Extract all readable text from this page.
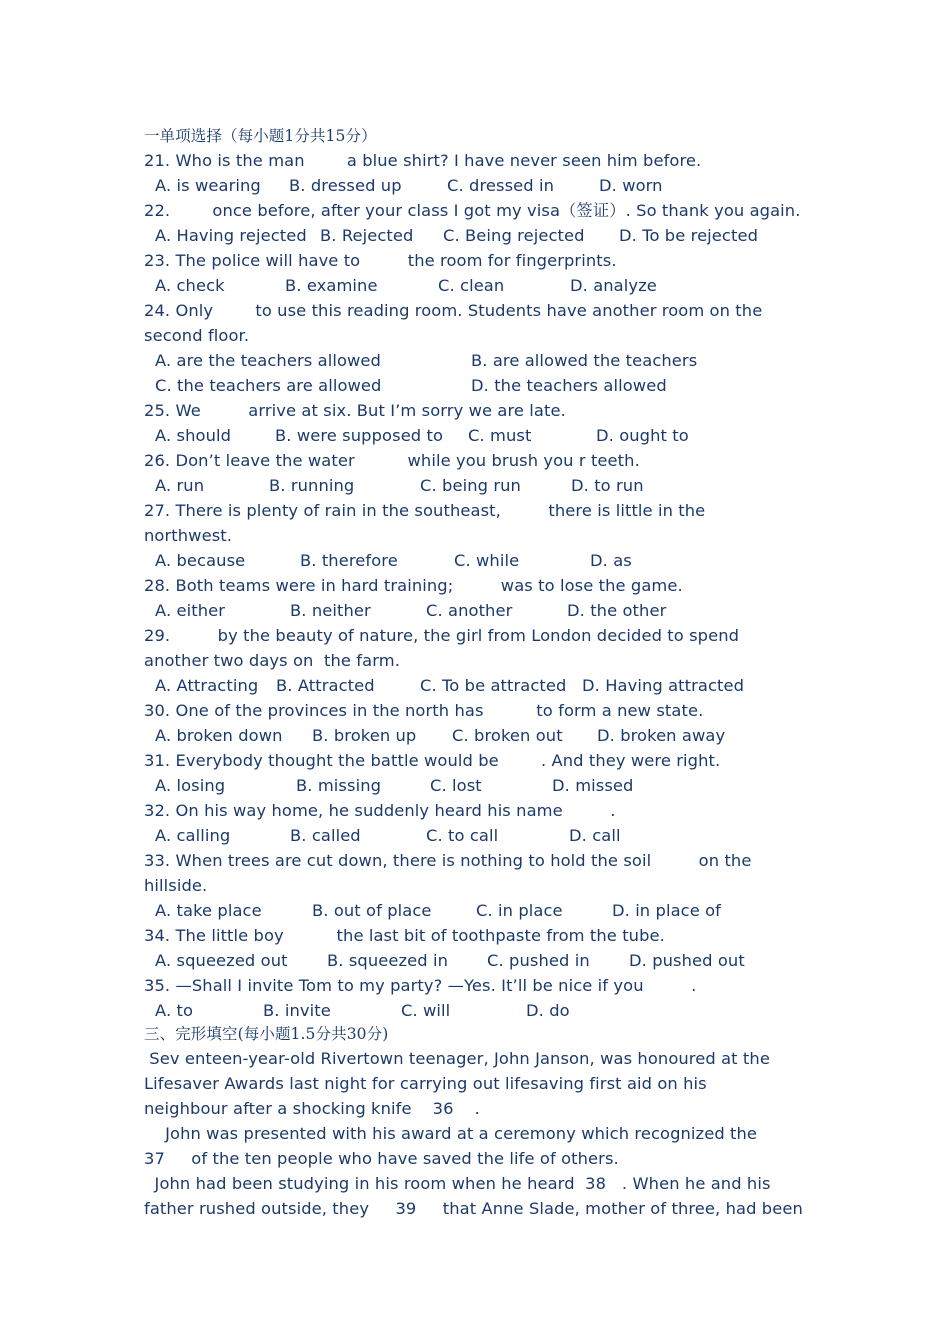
一单项选择（每小题1分共15分）
21. Who is the man        a blue shirt? I have never seen him before.

A. is wearing

B. dressed up

	C. dressed in

	D. worn

22.        once before, after your class I got my visa（签证）. So thank you again.

A. Having rejected

B. Rejected

C. Being rejected

D. To be rejected

23. The police will have to         the room for fingerprints.

A. check

	B. examine

	C. clean

	D. analyze

24. Only        to use this reading room. Students have another room on the
second floor.

A. are the teachers allowed

	B. are allowed the teachers

C. the teachers are allowed

	D. the teachers allowed

25. We         arrive at six. But I’m sorry we are late.

A. should

	B. were supposed to

C. must

	D. ought to

26. Don’t leave the water          while you brush you r teeth.

A. run

	B. running

	C. being run

	D. to run

27. There is plenty of rain in the southeast,         there is little in the
northwest.

A. because

	B. therefore

	C. while

	D. as

28. Both teams were in hard training;         was to lose the game.

A. either

	B. neither

	C. another

	D. the other

29.         by the beauty of nature, the girl from London decided to spend
another two days on  the farm.

A. Attracting

B. Attracted

	C. To be attracted

D. Having attracted

30. One of the provinces in the north has          to form a new state.

A. broken down

B. broken up

C. broken out

D. broken away

31. Everybody thought the battle would be        . And they were right.

A. losing

	B. missing

	C. lost

	D. missed

32. On his way home, he suddenly heard his name         .

A. calling

	B. called

	C. to call

	D. call

33. When trees are cut down, there is nothing to hold the soil         on the
hillside.

A. take place

	B. out of place

	C. in place

	D. in place of

34. The little boy          the last bit of toothpaste from the tube.

A. squeezed out

B. squeezed in

C. pushed in

D. pushed out

35. —Shall I invite Tom to my party? —Yes. It’ll be nice if you         .

A. to

	B. invite

	C. will

	D. do

三、完形填空(每小题1.5分共30分)
Sev enteen-year-old Rivertown teenager, John Janson, was honoured at the
Lifesaver Awards last night for carrying out lifesaving first aid on his
neighbour after a shocking knife    36    .
John was presented with his award at a ceremony which recognized the
37     of the ten people who have saved the life of others.
John had been studying in his room when he heard  38   . When he and his
father rushed outside, they     39     that Anne Slade, mother of three, had been
